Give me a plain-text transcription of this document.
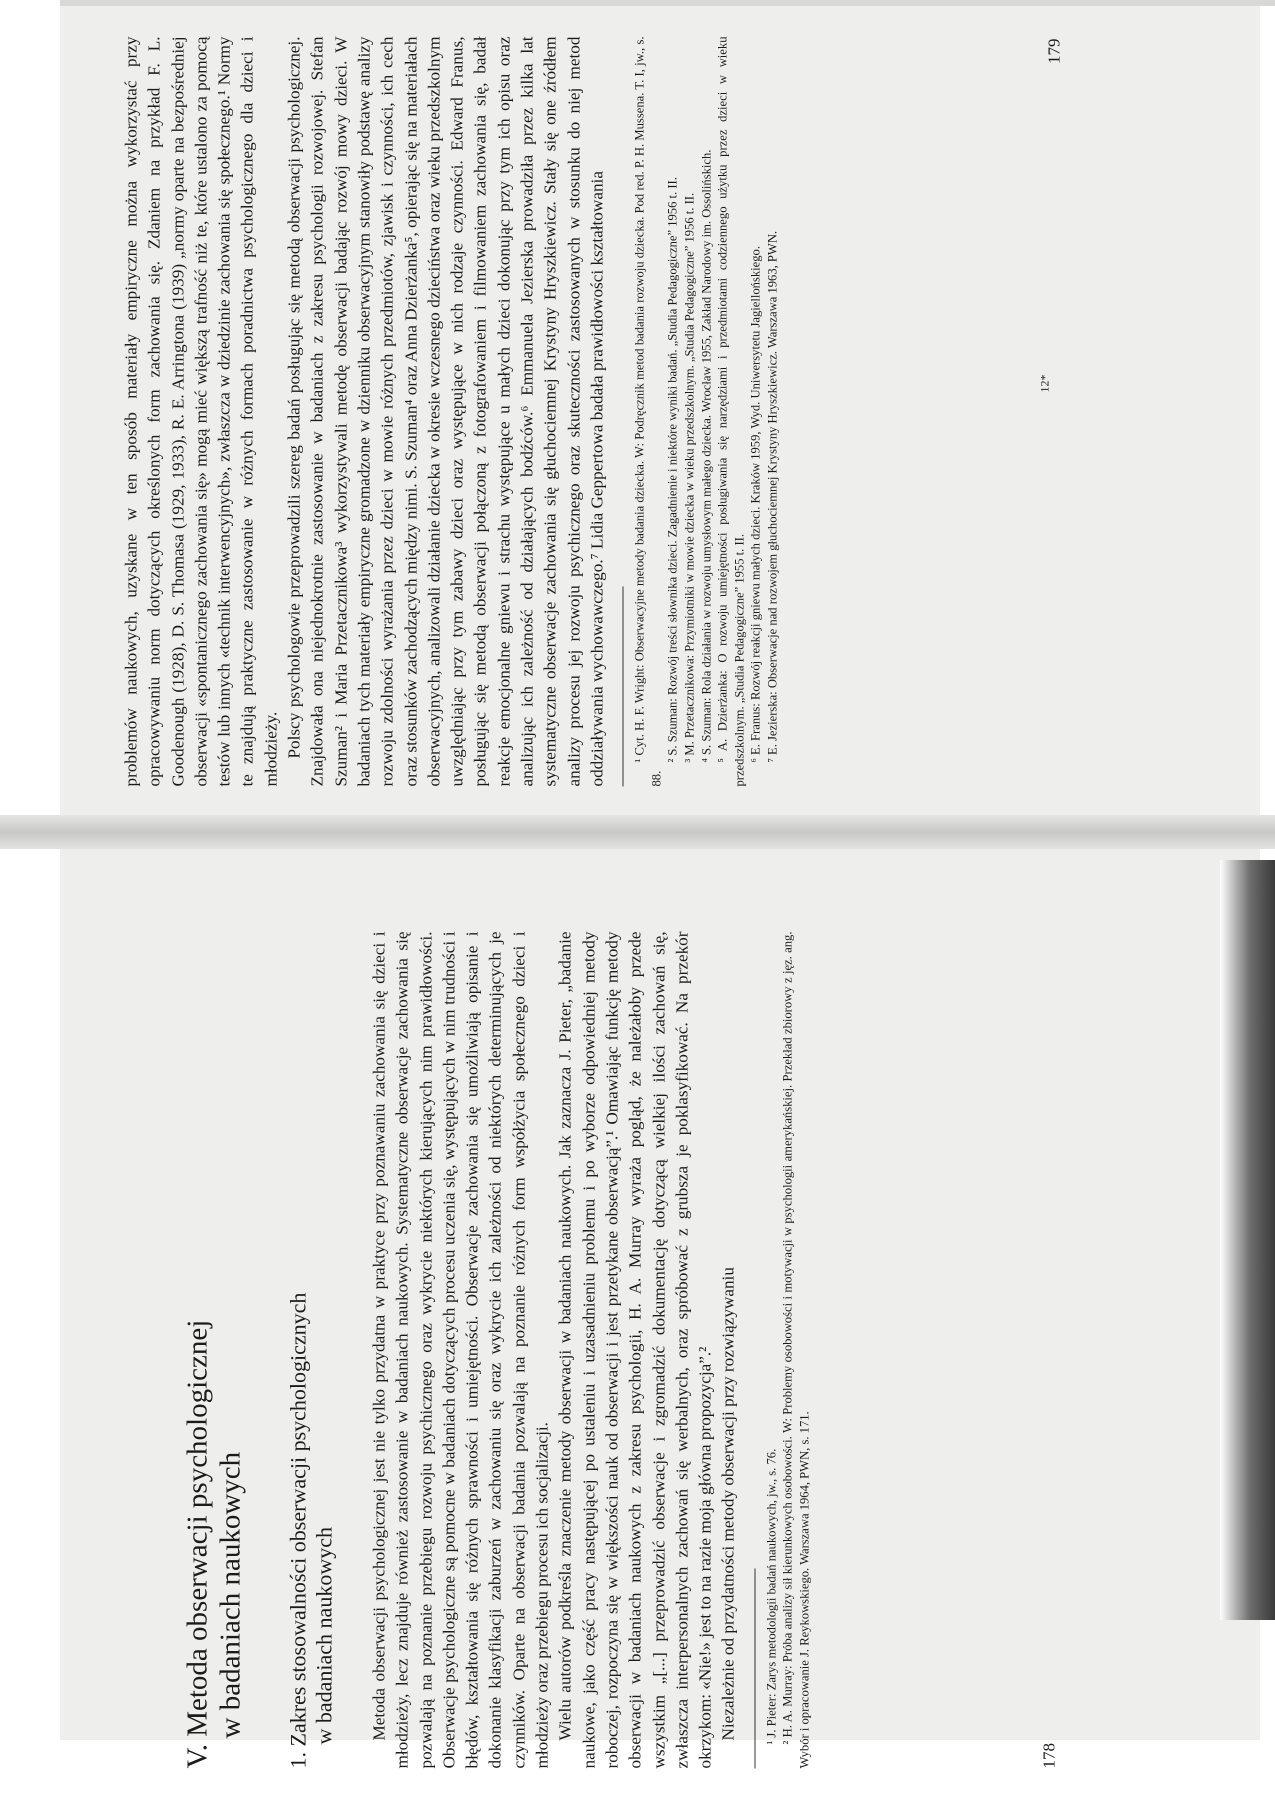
problemów naukowych, uzyskane w ten sposób materiały empiryczne można wykorzystać przy opracowywaniu norm dotyczących określonych form zachowania się. Zdaniem na przykład F. L. Goodenough (1928), D. S. Thomasa (1929, 1933), R. E. Arringtona (1939) „normy oparte na bezpośredniej obserwacji «spontanicznego zachowania się» mogą mieć większą trafność niż te, które ustalono za pomocą testów lub innych «technik interwencyjnych», zwłaszcza w dziedzinie zachowania się społecznego.¹ Normy te znajdują praktyczne zastosowanie w różnych formach poradnictwa psychologicznego dla dzieci i młodzieży. Polscy psychologowie przeprowadzili szereg badań posługując się metodą obserwacji psychologicznej. Znajdowała ona niejednokrotnie zastosowanie w badaniach z zakresu psychologii rozwojowej. Stefan Szuman² i Maria Przetacznikowa³ wykorzystywali metodę obserwacji badając rozwój mowy dzieci. W badaniach tych materiały empiryczne gromadzone w dzienniku obserwacyjnym stanowiły podstawę analizy rozwoju zdolności wyrażania przez dzieci w mowie różnych przedmiotów, zjawisk i czynności, ich cech oraz stosunków zachodzących między nimi. S. Szuman⁴ oraz Anna Dzierżanka⁵, opierając się na materiałach obserwacyjnych, analizowali działanie dziecka w okresie wczesnego dzieciństwa oraz wieku przedszkolnym uwzględniając przy tym zabawy dzieci oraz występujące w nich rodzaje czynności. Edward Franus, posługując się metodą obserwacji połączoną z fotografowaniem i filmowaniem zachowania się, badał reakcje emocjonalne gniewu i strachu występujące u małych dzieci dokonując przy tym ich opisu oraz analizując ich zależność od działających bodźców.⁶ Emmanuela Jezierska prowadziła przez kilka lat systematyczne obserwacje zachowania się głuchociemnej Krystyny Hryszkiewicz. Stały się one źródłem analizy procesu jej rozwoju psychicznego oraz skuteczności zastosowanych w stosunku do niej metod oddziaływania wychowawczego.⁷ Lidia Geppertowa badała prawidłowości kształtowania ¹ Cyt. H. F. Wright: Obserwacyjne metody badania dziecka. W: Podręcznik metod badania rozwoju dziecka. Pod red. P. H. Mussena. T. I, jw., s. 88.

² S. Szuman: Rozwój treści słownika dzieci. Zagadnienie i niektóre wyniki badań. „Studia Pedagogiczne” 1956 t. II. ³ M. Przetacznikowa: Przymiotniki w mowie dziecka w wieku przedszkolnym. „Studia Pedagogiczne” 1956 t. II. ⁴ S. Szuman: Rola działania w rozwoju umysłowym małego dziecka. Wrocław 1955, Zakład Narodowy im. Ossolińskich. ⁵ A. Dzierżanka: O rozwoju umiejętności posługiwania się narzędziami i przedmiotami codziennego użytku przez dzieci w wieku przedszkolnym. „Studia Pedagogiczne” 1955 t. II. ⁶ E. Franus: Rozwój reakcji gniewu małych dzieci. Kraków 1959, Wyd. Uniwersytetu Jagiellońskiego. ⁷ E. Jezierska: Obserwacje nad rozwojem głuchociemnej Krystyny Hryszkiewicz. Warszawa 1963, PWN.	12*
179
V. Metoda obserwacji psychologicznej
w badaniach naukowych 1. Zakres stosowalności obserwacji psychologicznych
w badaniach naukowych Metoda obserwacji psychologicznej jest nie tylko przydatna w praktyce przy poznawaniu zachowania się dzieci i młodzieży, lecz znajduje również zastosowanie w badaniach naukowych. Systematyczne obserwacje zachowania się pozwalają na poznanie przebiegu rozwoju psychicznego oraz wykrycie niektórych kierujących nim prawidłowości. Obserwacje psychologiczne są pomocne w badaniach dotyczących procesu uczenia się, występujących w nim trudności i błędów, kształtowania się różnych sprawności i umiejętności. Obserwacje zachowania się umożliwiają opisanie i dokonanie klasyfikacji zaburzeń w zachowaniu się oraz wykrycie ich zależności od niektórych determinujących je czynników. Oparte na obserwacji badania pozwalają na poznanie różnych form współżycia społecznego dzieci i młodzieży oraz przebiegu procesu ich socjalizacji. Wielu autorów podkreśla znaczenie metody obserwacji w badaniach naukowych. Jak zaznacza J. Pieter, „badanie naukowe, jako część pracy następującej po ustaleniu i uzasadnieniu problemu i po wyborze odpowiedniej metody roboczej, rozpoczyna się w większości nauk od obserwacji i jest przetykane obserwacją”.¹ Omawiając funkcję metody obserwacji w badaniach naukowych z zakresu psychologii, H. A. Murray wyraża pogląd, że należałoby przede wszystkim „[...] przeprowadzić obserwacje i zgromadzić dokumentację dotyczącą wielkiej ilości zachowań się, zwłaszcza interpersonalnych zachowań się werbalnych, oraz spróbować z grubsza je poklasyfikować. Na przekór okrzykom: «Nie!» jest to na razie moja główna propozycja”.² Niezależnie od przydatności metody obserwacji przy rozwiązywaniu ¹ J. Pieter: Zarys metodologii badań naukowych, jw., s. 76. ² H. A. Murray: Próba analizy sił kierunkowych osobowości. W: Problemy osobowości i motywacji w psychologii amerykańskiej. Przekład zbiorowy z jęz. ang. Wybór i opracowanie J. Reykowskiego. Warszawa 1964, PWN, s. 171.	178
